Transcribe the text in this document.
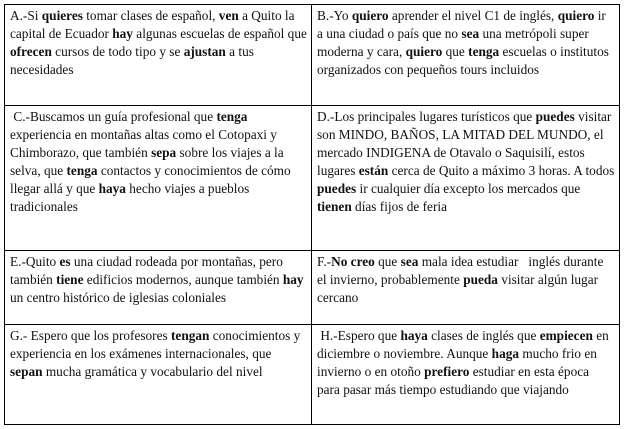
A.-Si quieres tomar clases de español, ven a Quito la capital de Ecuador hay algunas escuelas de español que ofrecen cursos de todo tipo y se ajustan a tus necesidades
B.-Yo quiero aprender el nivel C1 de inglés, quiero ir a una ciudad o país que no sea una metrópoli super moderna y cara, quiero que tenga escuelas o institutos organizados con pequeños tours incluidos
C.-Buscamos un guía profesional que tenga experiencia en montañas altas como el Cotopaxi y Chimborazo, que también sepa sobre los viajes a la selva, que tenga contactos y conocimientos de cómo llegar allá y que haya hecho viajes a pueblos tradicionales
D.-Los principales lugares turísticos que puedes visitar son MINDO, BAÑOS, LA MITAD DEL MUNDO, el mercado INDIGENA de Otavalo o Saquisilí, estos lugares están cerca de Quito a máximo 3 horas. A todos puedes ir cualquier día excepto los mercados que tienen días fijos de feria
E.-Quito es una ciudad rodeada por montañas, pero también tiene edificios modernos, aunque también hay un centro histórico de iglesias coloniales
F.-No creo que sea mala idea estudiar   inglés durante el invierno, probablemente pueda visitar algún lugar cercano
G.- Espero que los profesores tengan conocimientos y experiencia en los exámenes internacionales, que sepan mucha gramática y vocabulario del nivel
H.-Espero que haya clases de inglés que empiecen en diciembre o noviembre. Aunque haga mucho frio en invierno o en otoño prefiero estudiar en esta época para pasar más tiempo estudiando que viajando
